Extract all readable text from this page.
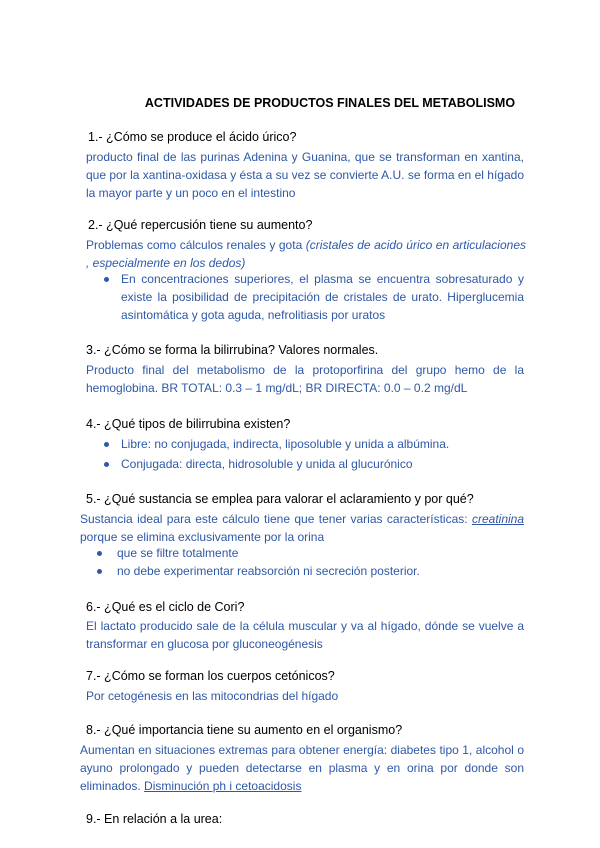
ACTIVIDADES DE PRODUCTOS FINALES DEL METABOLISMO
1.- ¿Cómo se produce el ácido úrico?
producto final de las purinas Adenina y Guanina, que se transforman en xantina, que por la xantina-oxidasa y ésta a su vez se convierte A.U. se forma en el hígado la mayor parte y un poco en el intestino
2.- ¿Qué repercusión tiene su aumento?
Problemas como cálculos renales y gota (cristales de acido úrico en articulaciones , especialmente en los dedos)
En concentraciones superiores, el plasma se encuentra sobresaturado y existe la posibilidad de precipitación de cristales de urato. Hiperglucemia asintomática y gota aguda, nefrolitiasis por uratos
3.- ¿Cómo se forma la bilirrubina? Valores normales.
Producto final del metabolismo de la protoporfirina del grupo hemo de la hemoglobina. BR TOTAL: 0.3 – 1 mg/dL; BR DIRECTA: 0.0 – 0.2 mg/dL
4.- ¿Qué tipos de bilirrubina existen?
Libre: no conjugada, indirecta, liposoluble y unida a albúmina.
Conjugada: directa, hidrosoluble y unida al glucurónico
5.- ¿Qué sustancia se emplea para valorar el aclaramiento y por qué?
Sustancia ideal para este cálculo tiene que tener varias características: creatinina
porque se elimina exclusivamente por la orina
que se filtre totalmente
no debe experimentar reabsorción ni secreción posterior.
6.- ¿Qué es el ciclo de Cori?
El lactato producido sale de la célula muscular y va al hígado, dónde se vuelve a transformar en glucosa por gluconeogénesis
7.- ¿Cómo se forman los cuerpos cetónicos?
Por cetogénesis en las mitocondrias del hígado
8.- ¿Qué importancia tiene su aumento en el organismo?
Aumentan en situaciones extremas para obtener energía: diabetes tipo 1, alcohol o ayuno prolongado y pueden detectarse en plasma y en orina por donde son eliminados. Disminución ph i cetoacidosis
9.- En relación a la urea:
